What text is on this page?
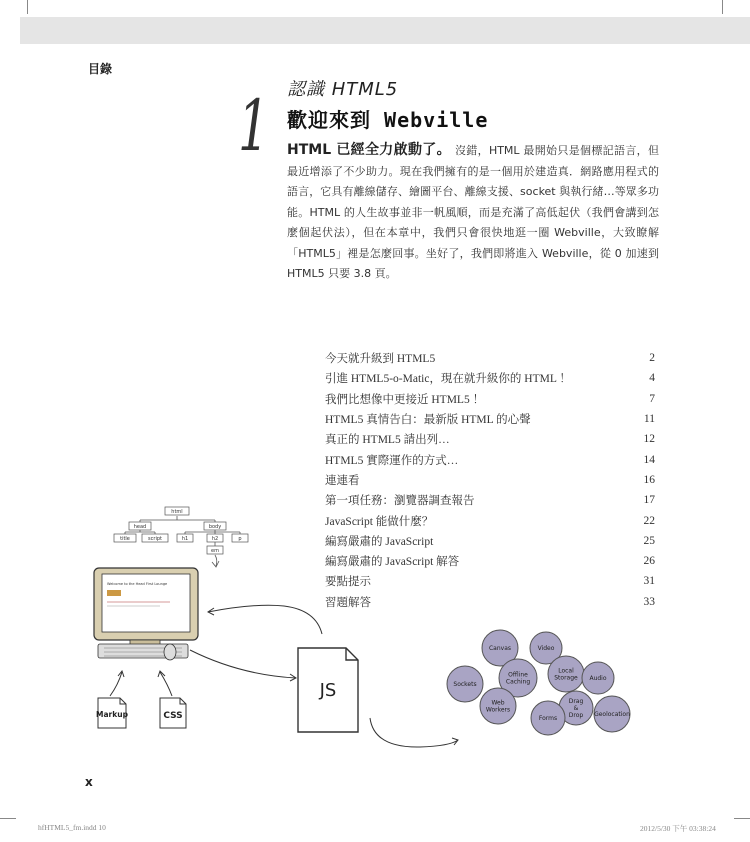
目錄
1 認識 HTML5
歡迎來到 Webville
HTML 已經全力啟動了。 沒錯，HTML 最開始只是個標記語言，但最近增添了不少助力。現在我們擁有的是一個用於建造真．網路應用程式的語言，它具有離線儲存、繪圖平台、離線支援、socket 與執行緒…等眾多功能。HTML 的人生故事並非一帆風順，而是充滿了高低起伏（我們會講到怎麼個起伏法），但在本章中，我們只會很快地逛一圈 Webville，大致瞭解「HTML5」裡是怎麼回事。坐好了，我們即將進入 Webville，從 0 加速到 HTML5 只要 3.8 頁。
今天就升級到 HTML5	2
引進 HTML5-o-Matic，現在就升級你的 HTML ！	4
我們比想像中更接近 HTML5 ！	7
HTML5 真情告白：最新版 HTML 的心聲	11
真正的 HTML5 請出列…	12
HTML5 實際運作的方式…	14
連連看	16
第一項任務：瀏覽器調查報告	17
JavaScript 能做什麼？	22
編寫嚴肅的 JavaScript	25
編寫嚴肅的 JavaScript 解答	26
要點提示	31
習題解答	33
html
head	body
title	script	h1	h2	p
em
Welcome to the Head First Lounge
Markup	CSS
JS
Canvas	Video
Offline
Caching
Local
Storage Audio
Sockets
Web
Workers
Drag
&
Drop
Forms
Geolocation
x
hfHTML5_fm.indd 10	2012/5/30 下午 03:38:24
